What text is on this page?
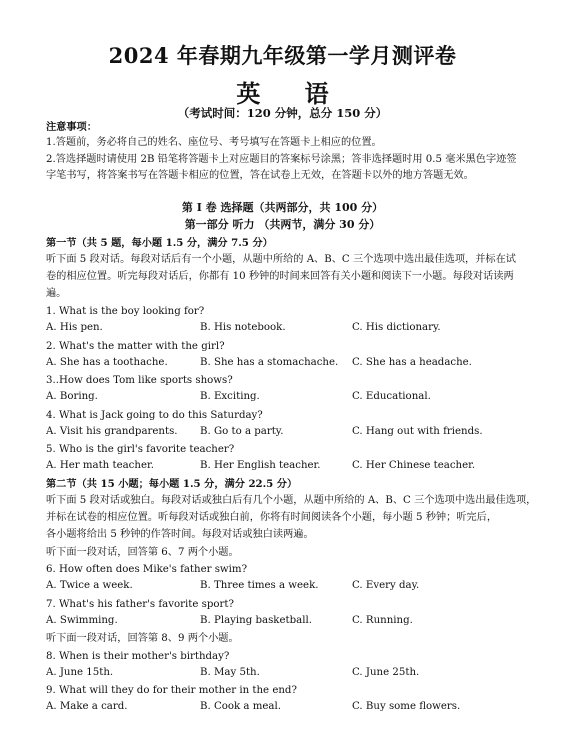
2024 年春期九年级第一学月测评卷
英 语
（考试时间：120 分钟，总分 150 分）
注意事项：
1.答题前，务必将自己的姓名、座位号、考号填写在答题卡上相应的位置。
2.答选择题时请使用 2B 铅笔将答题卡上对应题目的答案标号涂黑；答非选择题时用 0.5 毫米黑色字迹签
字笔书写，将答案书写在答题卡相应的位置，答在试卷上无效，在答题卡以外的地方答题无效。
第 I 卷 选择题（共两部分，共 100 分）
第一部分 听力 （共两节，满分 30 分）
第一节（共 5 题，每小题 1.5 分，满分 7.5 分）
听下面 5 段对话。每段对话后有一个小题，从题中所给的 A、B、C 三个选项中选出最佳选项，并标在试
卷的相应位置。听完每段对话后，你都有 10 秒钟的时间来回答有关小题和阅读下一小题。每段对话读两
遍。
1. What is the boy looking for?
A. His pen.	B. His notebook.	C. His dictionary.
2. What's the matter with the girl?
A. She has a toothache.	B. She has a stomachache. C. She has a headache.
3..How does Tom like sports shows?
A. Boring.	B. Exciting.	C. Educational.
4. What is Jack going to do this Saturday?
A. Visit his grandparents. B. Go to a party.	C. Hang out with friends.
5. Who is the girl's favorite teacher?
A. Her math teacher.	B. Her English teacher.	C. Her Chinese teacher.
第二节（共 15 小题；每小题 1.5 分，满分 22.5 分）
听下面 5 段对话或独白。每段对话或独白后有几个小题，从题中所给的 A、B、C 三个选项中选出最佳选项，
并标在试卷的相应位置。听每段对话或独白前，你将有时间阅读各个小题，每小题 5 秒钟；听完后，
各小题将给出 5 秒钟的作答时间。每段对话或独白读两遍。
听下面一段对话，回答第 6、7 两个小题。
6. How often does Mike's father swim?
A. Twice a week.	B. Three times a week.	C. Every day.
7. What's his father's favorite sport?
A. Swimming.	B. Playing basketball.	C. Running.
听下面一段对话，回答第 8、9 两个小题。
8. When is their mother's birthday?
A. June 15th.	B. May 5th.	C. June 25th.
9. What will they do for their mother in the end?
A. Make a card.	B. Cook a meal.	C. Buy some flowers.
